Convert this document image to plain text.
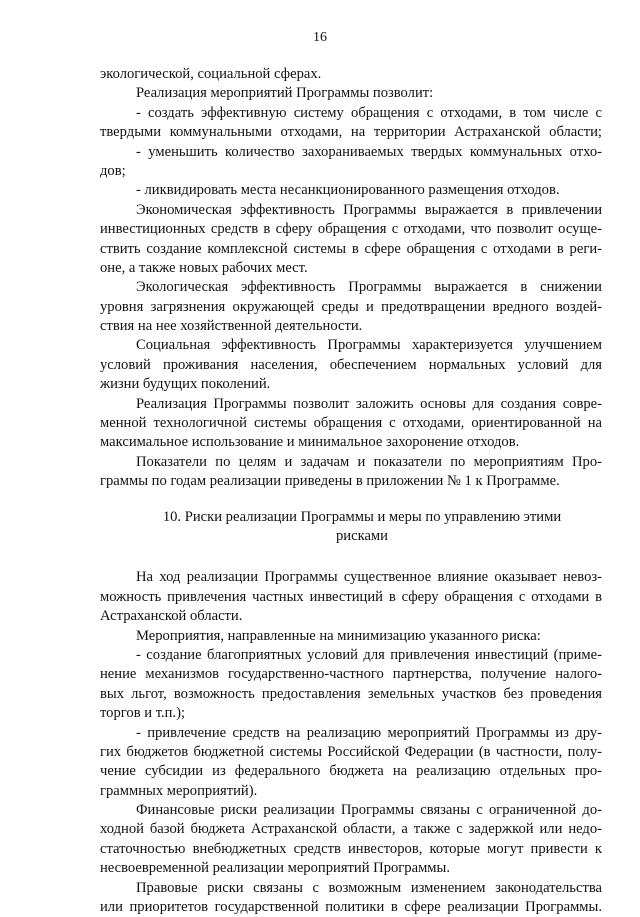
16
экологической, социальной сферах.
Реализация мероприятий Программы позволит:
- создать эффективную систему обращения с отходами, в том числе с
твердыми коммунальными отходами, на территории Астраханской области;
- уменьшить количество захораниваемых твердых коммунальных отхо-
дов;
- ликвидировать места несанкционированного размещения отходов.
Экономическая эффективность Программы выражается в привлечении
инвестиционных средств в сферу обращения с отходами, что позволит осуще-
ствить создание комплексной системы в сфере обращения с отходами в реги-
оне, а также новых рабочих мест.
Экологическая эффективность Программы выражается в снижении
уровня загрязнения окружающей среды и предотвращении вредного воздей-
ствия на нее хозяйственной деятельности.
Социальная эффективность Программы характеризуется улучшением
условий проживания населения, обеспечением нормальных условий для
жизни будущих поколений.
Реализация Программы позволит заложить основы для создания совре-
менной технологичной системы обращения с отходами, ориентированной на
максимальное использование и минимальное захоронение отходов.
Показатели по целям и задачам и показатели по мероприятиям Про-
граммы по годам реализации приведены в приложении № 1 к Программе.
10. Риски реализации Программы и меры по управлению этими
рисками
На ход реализации Программы существенное влияние оказывает невоз-
можность привлечения частных инвестиций в сферу обращения с отходами в
Астраханской области.
Мероприятия, направленные на минимизацию указанного риска:
- создание благоприятных условий для привлечения инвестиций (приме-
нение механизмов государственно-частного партнерства, получение налого-
вых льгот, возможность предоставления земельных участков без проведения
торгов и т.п.);
- привлечение средств на реализацию мероприятий Программы из дру-
гих бюджетов бюджетной системы Российской Федерации (в частности, полу-
чение субсидии из федерального бюджета на реализацию отдельных про-
граммных мероприятий).
Финансовые риски реализации Программы связаны с ограниченной до-
ходной базой бюджета Астраханской области, а также с задержкой или недо-
статочностью внебюджетных средств инвесторов, которые могут привести к
несвоевременной реализации мероприятий Программы.
Правовые риски связаны с возможным изменением законодательства
или приоритетов государственной политики в сфере реализации Программы.
